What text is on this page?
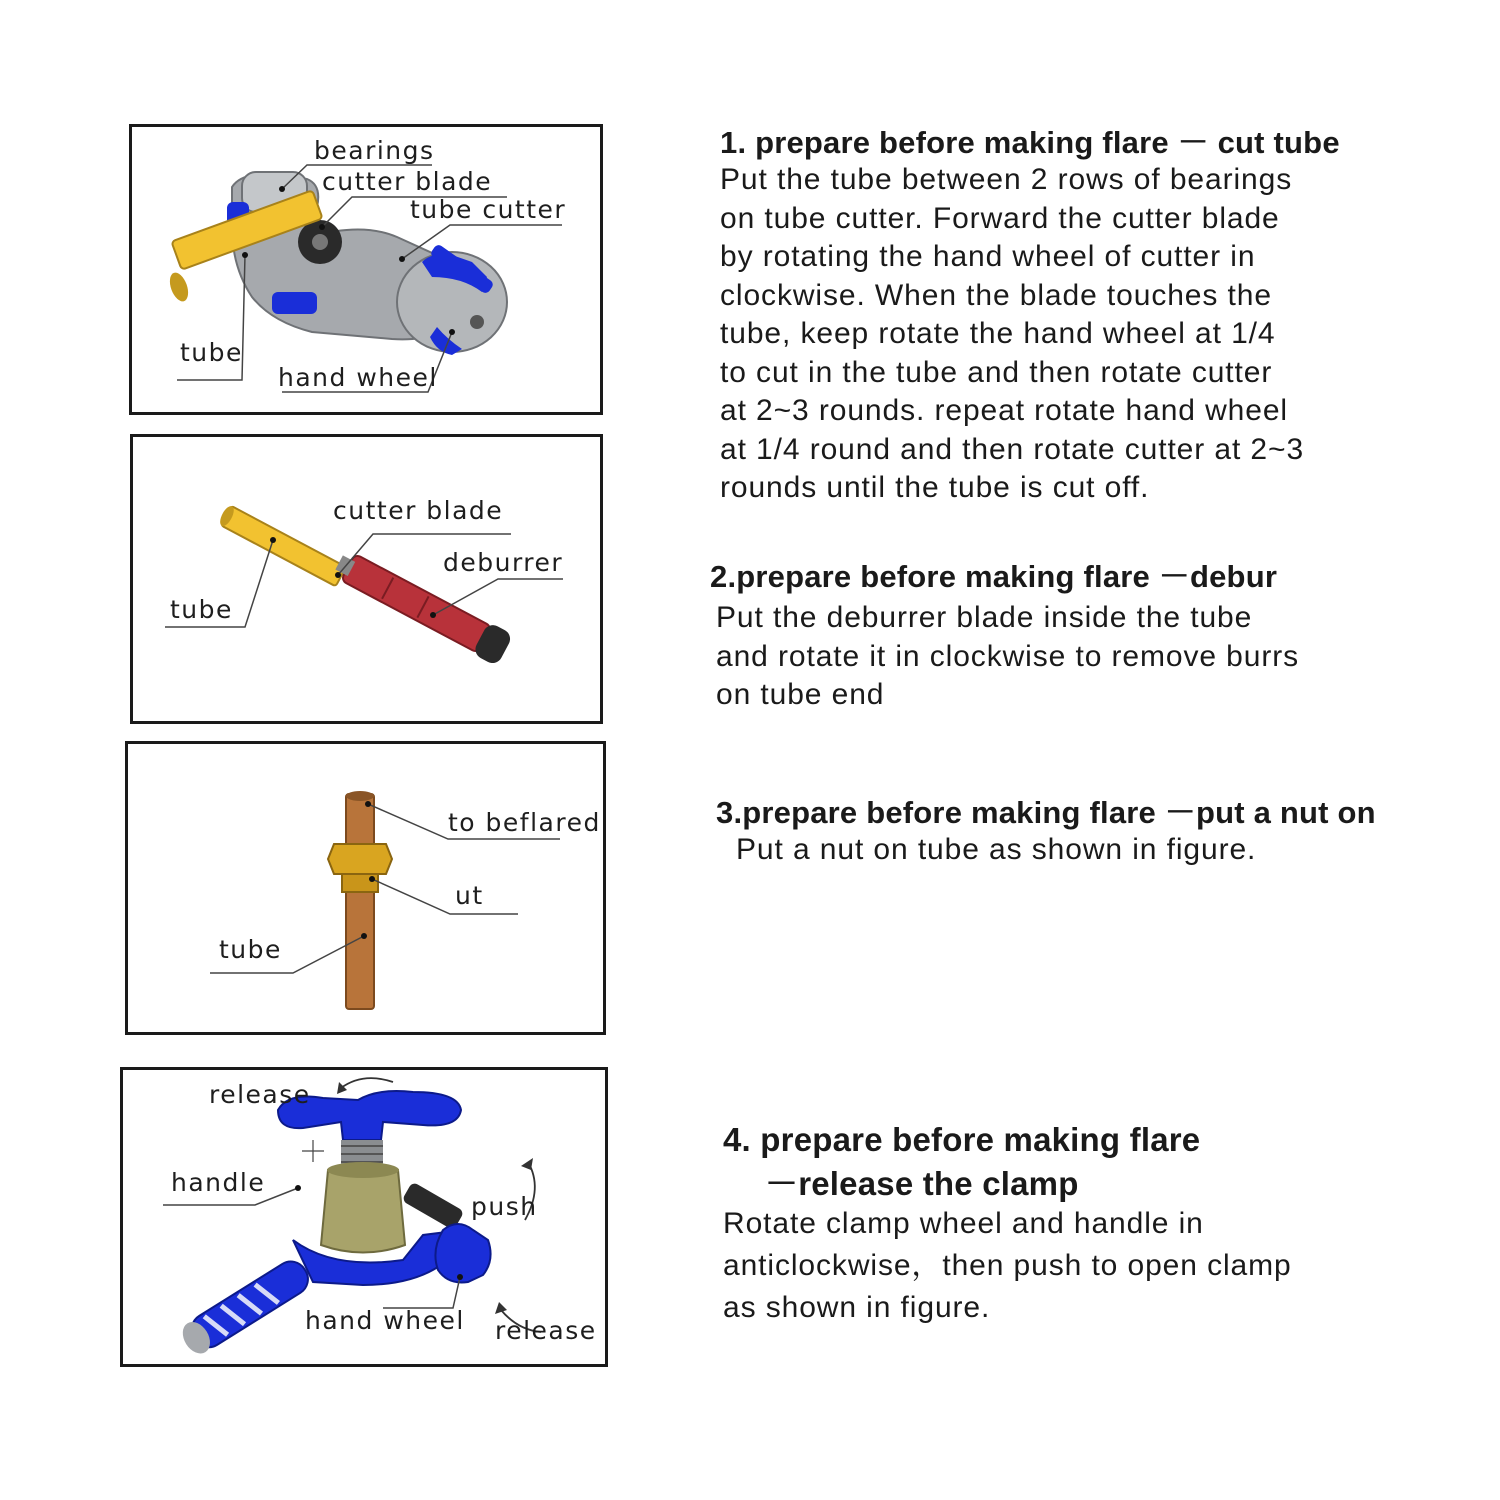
bearings
cutter blade
tube cutter
tube
hand wheel
cutter blade
deburrer
tube
to beflared
ut
tube
release
handle
push
hand wheel release
1. prepare before making flare － cut tube
Put the tube between 2 rows of bearings
on tube cutter. Forward the cutter blade
by rotating the hand wheel of cutter in
clockwise. When the blade touches the
tube, keep rotate the hand wheel at 1/4
to cut in the tube and then rotate cutter
at 2~3 rounds. repeat rotate hand wheel
at 1/4 round and then rotate cutter at 2~3
rounds until the tube is cut off.
2.prepare before making flare －debur
Put the deburrer blade inside the tube
and rotate it in clockwise to remove burrs
on tube end
3.prepare before making flare －put a nut on
Put a nut on tube as shown in figure.
4. prepare before making flare
－release the clamp
Rotate clamp wheel and handle in
anticlockwise，then push to open clamp
as shown in figure.
